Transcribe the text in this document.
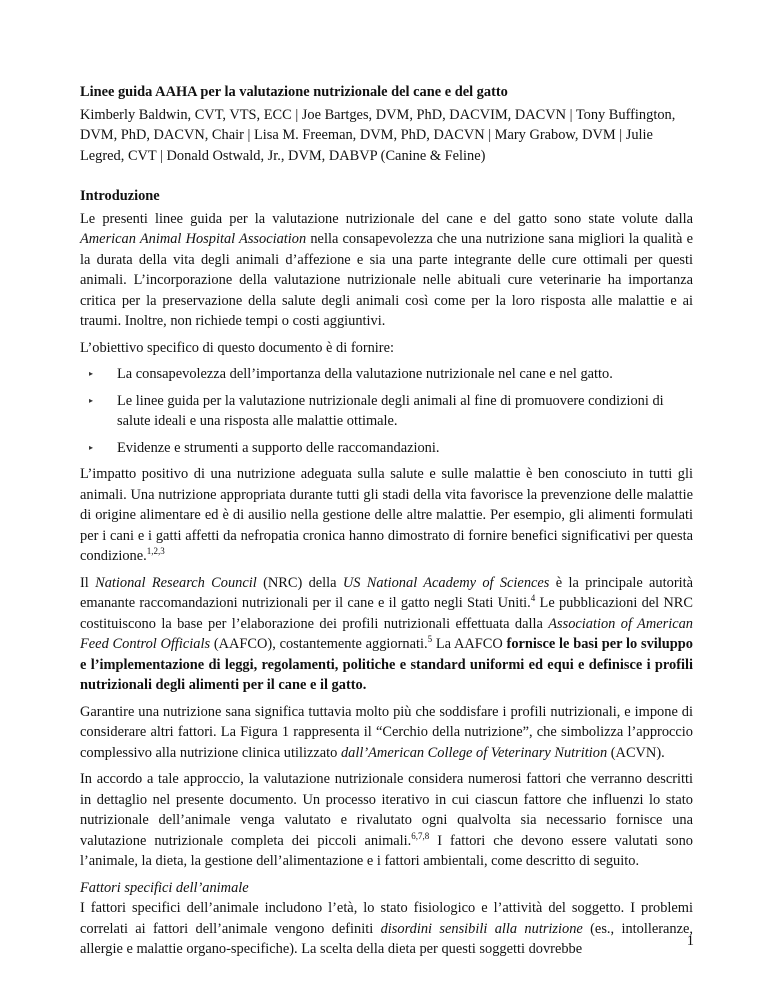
Linee guida AAHA per la valutazione nutrizionale del cane e del gatto

Kimberly Baldwin, CVT, VTS, ECC | Joe Bartges, DVM, PhD, DACVIM, DACVN | Tony Buffington, DVM, PhD, DACVN, Chair | Lisa M. Freeman, DVM, PhD, DACVN | Mary Grabow, DVM | Julie Legred, CVT | Donald Ostwald, Jr., DVM, DABVP (Canine & Feline)

Introduzione

Le presenti linee guida per la valutazione nutrizionale del cane e del gatto sono state volute dalla American Animal Hospital Association nella consapevolezza che una nutrizione sana migliori la qualità e la durata della vita degli animali d’affezione e sia una parte integrante delle cure ottimali per questi animali. L’incorporazione della valutazione nutrizionale nelle abituali cure veterinarie ha importanza critica per la preservazione della salute degli animali così come per la loro risposta alle malattie e ai traumi. Inoltre, non richiede tempi o costi aggiuntivi.

L’obiettivo specifico di questo documento è di fornire:

▸ La consapevolezza dell’importanza della valutazione nutrizionale nel cane e nel gatto.
▸ Le linee guida per la valutazione nutrizionale degli animali al fine di promuovere condizioni di salute ideali e una risposta alle malattie ottimale.
▸ Evidenze e strumenti a supporto delle raccomandazioni.

L’impatto positivo di una nutrizione adeguata sulla salute e sulle malattie è ben conosciuto in tutti gli animali. Una nutrizione appropriata durante tutti gli stadi della vita favorisce la prevenzione delle malattie di origine alimentare ed è di ausilio nella gestione delle altre malattie. Per esempio, gli alimenti formulati per i cani e i gatti affetti da nefropatia cronica hanno dimostrato di fornire benefici significativi per questa condizione.$^{1,2,3}$

Il National Research Council (NRC) della US National Academy of Sciences è la principale autorità emanante raccomandazioni nutrizionali per il cane e il gatto negli Stati Uniti.$^4$ Le pubblicazioni del NRC costituiscono la base per l’elaborazione dei profili nutrizionali effettuata dalla Association of American Feed Control Officials (AAFCO), costantemente aggiornati.$^5$ La AAFCO fornisce le basi per lo sviluppo e l’implementazione di leggi, regolamenti, politiche e standard uniformi ed equi e definisce i profili nutrizionali degli alimenti per il cane e il gatto.

Garantire una nutrizione sana significa tuttavia molto più che soddisfare i profili nutrizionali, e impone di considerare altri fattori. La Figura 1 rappresenta il “Cerchio della nutrizione”, che simbolizza l’approccio complessivo alla nutrizione clinica utilizzato dall’American College of Veterinary Nutrition (ACVN).

In accordo a tale approccio, la valutazione nutrizionale considera numerosi fattori che verranno descritti in dettaglio nel presente documento. Un processo iterativo in cui ciascun fattore che influenzi lo stato nutrizionale dell’animale venga valutato e rivalutato ogni qualvolta sia necessario fornisce una valutazione nutrizionale completa dei piccoli animali.$^{6,7,8}$ I fattori che devono essere valutati sono l’animale, la dieta, la gestione dell’alimentazione e i fattori ambientali, come descritto di seguito.

Fattori specifici dell’animale

I fattori specifici dell’animale includono l’età, lo stato fisiologico e l’attività del soggetto. I problemi correlati ai fattori dell’animale vengono definiti disordini sensibili alla nutrizione (es., intolleranze, allergie e malattie organo-specifiche). La scelta della dieta per questi soggetti dovrebbe	1
